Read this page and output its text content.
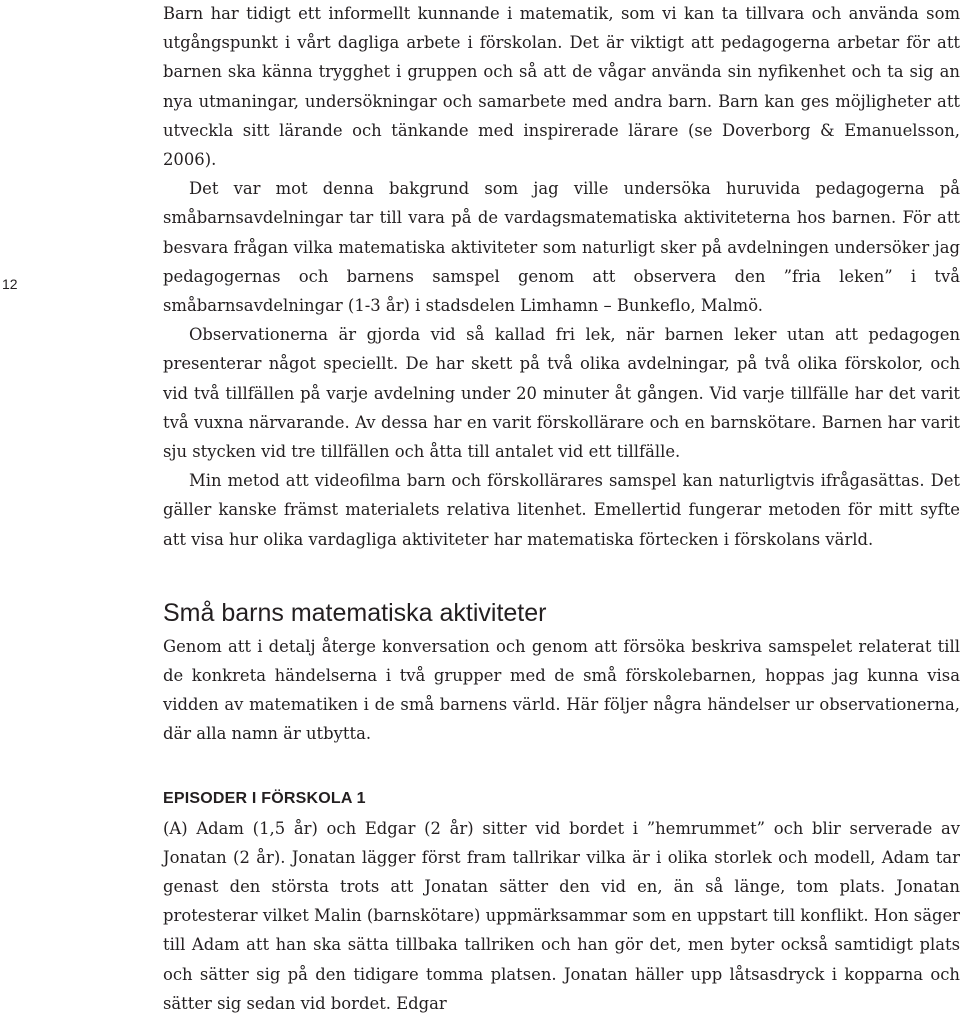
12

Barn har tidigt ett informellt kunnande i matematik, som vi kan ta tillvara och använda som utgångspunkt i vårt dagliga arbete i förskolan. Det är viktigt att pedagogerna arbetar för att barnen ska känna trygghet i gruppen och så att de vågar använda sin nyfikenhet och ta sig an nya utmaningar, undersökningar och samarbete med andra barn. Barn kan ges möjligheter att utveckla sitt lärande och tänkande med inspirerade lärare (se Doverborg & Emanuelsson, 2006).

Det var mot denna bakgrund som jag ville undersöka huruvida pedagogerna på småbarnsavdelningar tar till vara på de vardagsmatematiska aktiviteterna hos barnen. För att besvara frågan vilka matematiska aktiviteter som naturligt sker på avdelningen undersöker jag pedagogernas och barnens samspel genom att observera den ”fria leken” i två småbarnsavdelningar (1-3 år) i stadsdelen Limhamn – Bunkeflo, Malmö.

Observationerna är gjorda vid så kallad fri lek, när barnen leker utan att pedagogen presenterar något speciellt. De har skett på två olika avdelningar, på två olika förskolor, och vid två tillfällen på varje avdelning under 20 minuter åt gången. Vid varje tillfälle har det varit två vuxna närvarande. Av dessa har en varit förskollärare och en barnskötare. Barnen har varit sju stycken vid tre tillfällen och åtta till antalet vid ett tillfälle.

Min metod att videofilma barn och förskollärares samspel kan naturligtvis ifrågasättas. Det gäller kanske främst materialets relativa litenhet. Emellertid fungerar metoden för mitt syfte att visa hur olika vardagliga aktiviteter har matematiska förtecken i förskolans värld.

Små barns matematiska aktiviteter

Genom att i detalj återge konversation och genom att försöka beskriva samspelet relaterat till de konkreta händelserna i två grupper med de små förskolebarnen, hoppas jag kunna visa vidden av matematiken i de små barnens värld. Här följer några händelser ur observationerna, där alla namn är utbytta.

EPISODER I FÖRSKOLA 1

(A) Adam (1,5 år) och Edgar (2 år) sitter vid bordet i ”hemrummet” och blir serverade av Jonatan (2 år). Jonatan lägger först fram tallrikar vilka är i olika storlek och modell, Adam tar genast den största trots att Jonatan sätter den vid en, än så länge, tom plats. Jonatan protesterar vilket Malin (barnskötare) uppmärksammar som en uppstart till konflikt. Hon säger till Adam att han ska sätta tillbaka tallriken och han gör det, men byter också samtidigt plats och sätter sig på den tidigare tomma platsen. Jonatan häller upp låtsasdryck i kopparna och sätter sig sedan vid bordet. Edgar
